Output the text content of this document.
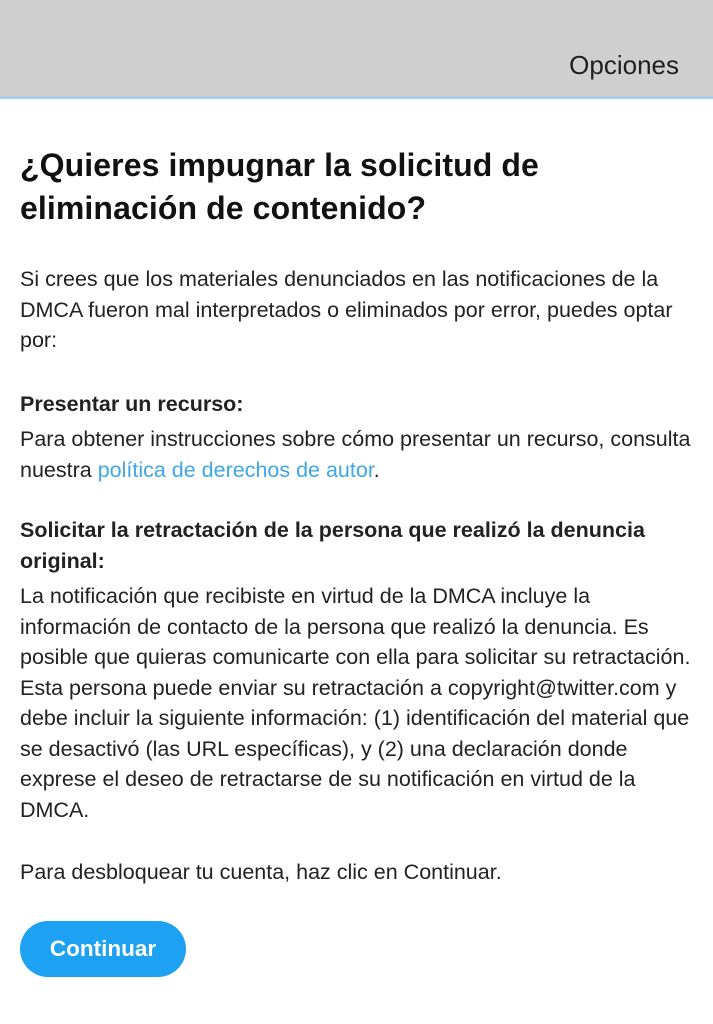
Opciones
¿Quieres impugnar la solicitud de eliminación de contenido?

Si crees que los materiales denunciados en las notificaciones de la DMCA fueron mal interpretados o eliminados por error, puedes optar por:

Presentar un recurso:

Para obtener instrucciones sobre cómo presentar un recurso, consulta nuestra política de derechos de autor.

Solicitar la retractación de la persona que realizó la denuncia original:

La notificación que recibiste en virtud de la DMCA incluye la información de contacto de la persona que realizó la denuncia. Es posible que quieras comunicarte con ella para solicitar su retractación. Esta persona puede enviar su retractación a copyright@twitter.com y debe incluir la siguiente información: (1) identificación del material que se desactivó (las URL específicas), y (2) una declaración donde exprese el deseo de retractarse de su notificación en virtud de la DMCA.

Para desbloquear tu cuenta, haz clic en Continuar.

Continuar
